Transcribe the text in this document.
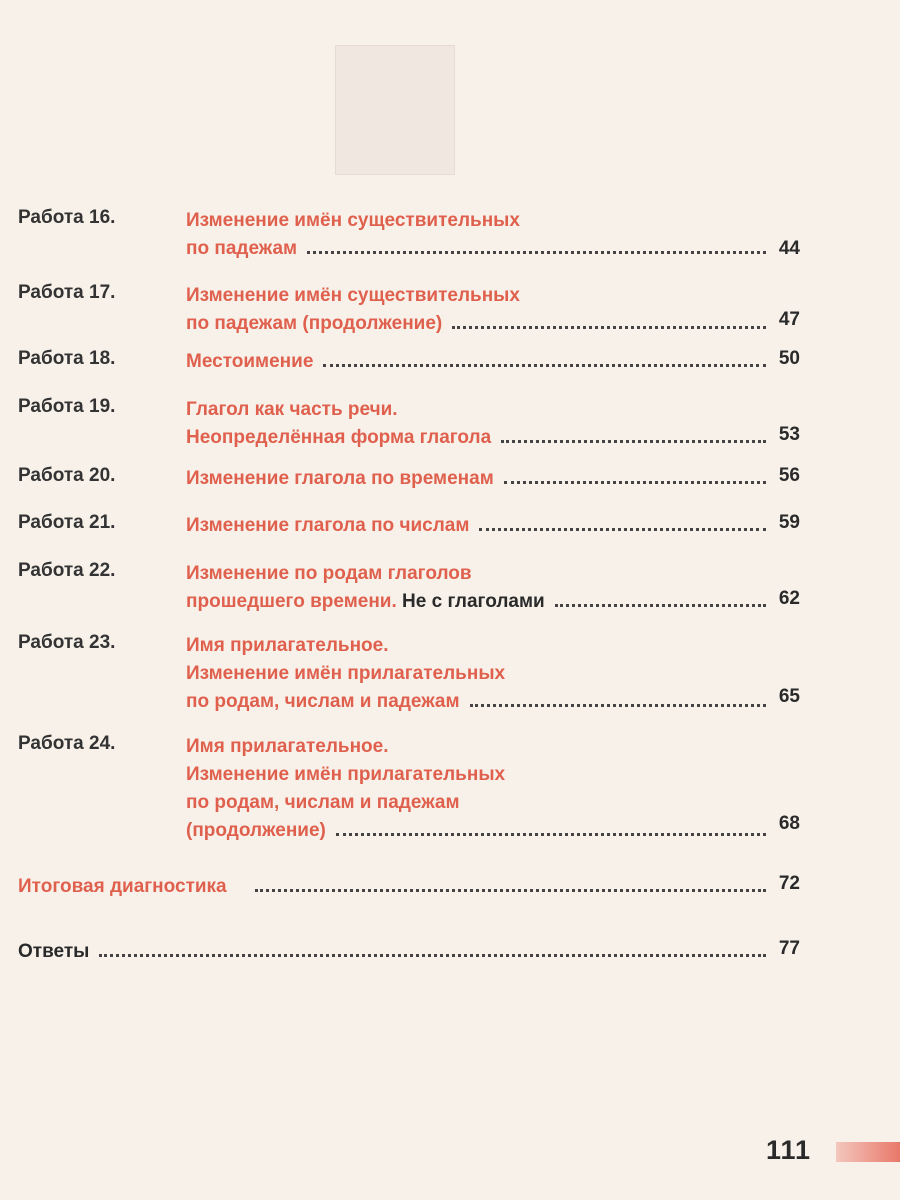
Работа 16.	Изменение имён существительных
по падежам	44
Работа 17.	Изменение имён существительных
по падежам (продолжение)	47
Работа 18.	Местоимение	50
Работа 19.	Глагол как часть речи.
Неопределённая форма глагола	53
Работа 20.	Изменение глагола по временам	56
Работа 21.	Изменение глагола по числам	59
Работа 22.	Изменение по родам глаголов
прошедшего времени.
Не с глаголами	62
Работа 23.	Имя прилагательное.
Изменение имён прилагательных
по родам, числам и падежам	65
Работа 24.	Имя прилагательное.
Изменение имён прилагательных
по родам, числам и падежам
(продолжение)	68
Итоговая диагностика	72
Ответы	77
111
